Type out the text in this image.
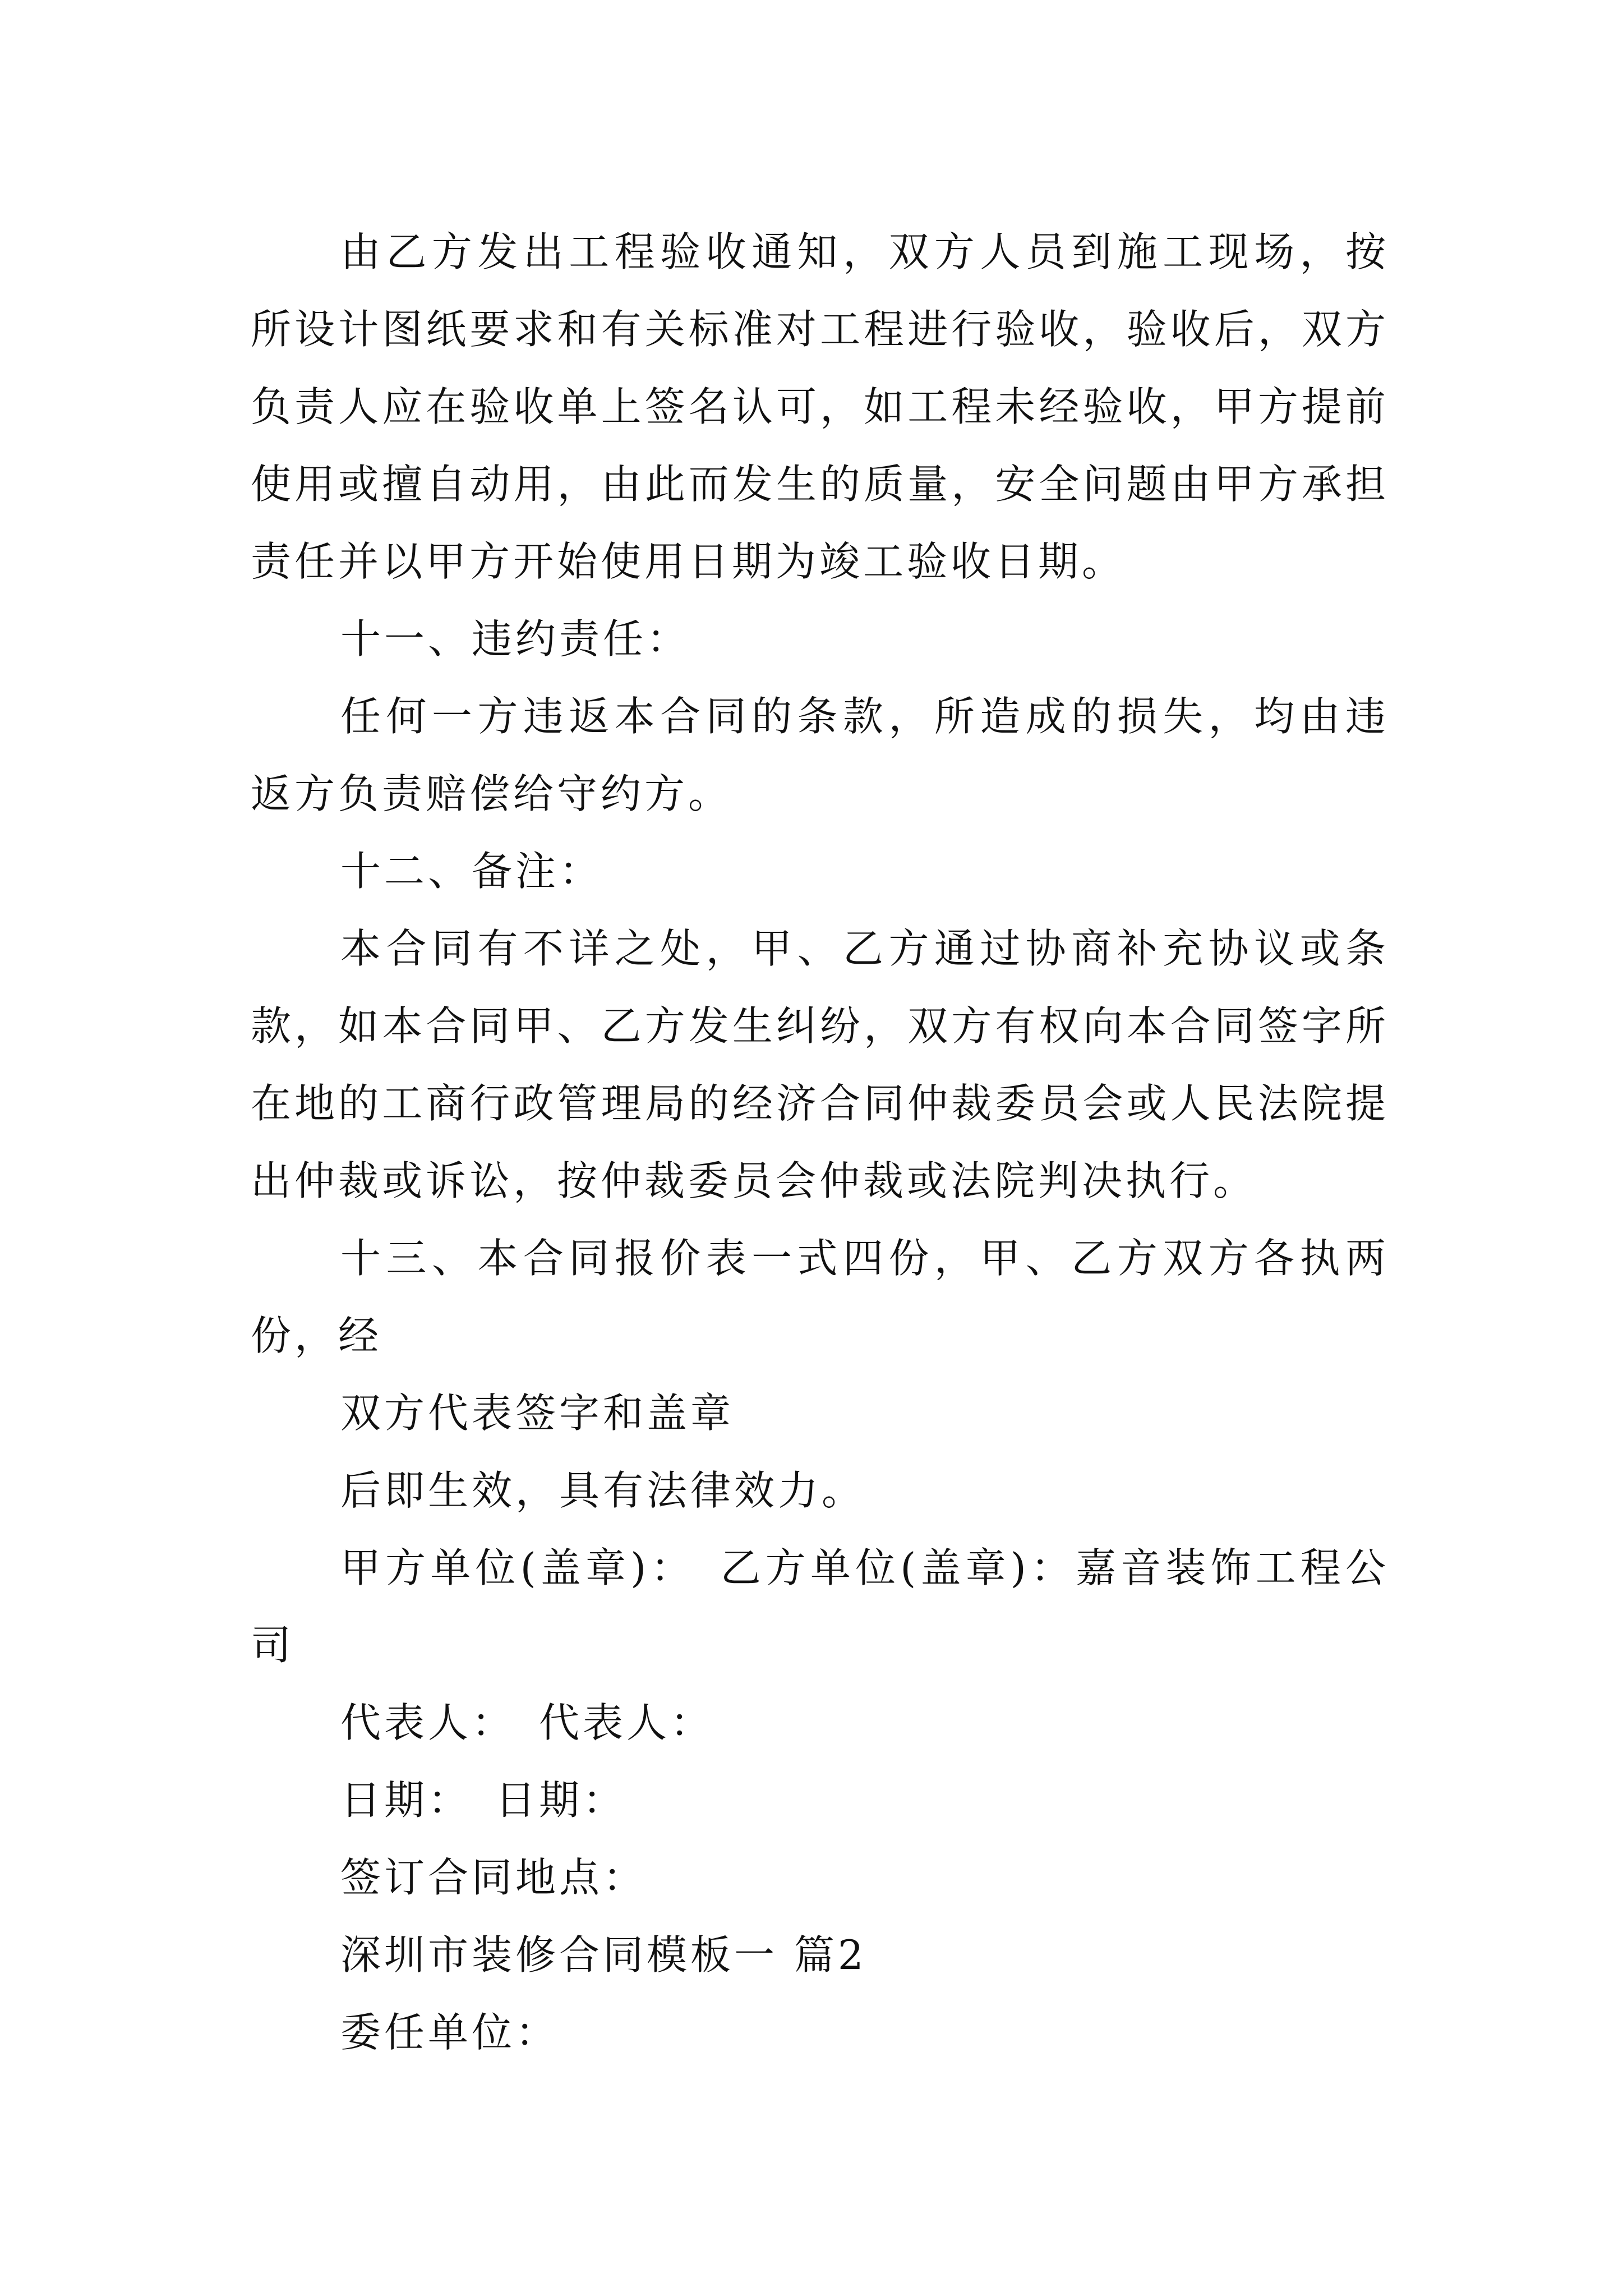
由乙方发出工程验收通知，双方人员到施工现场，按所设计图纸要求和有关标准对工程进行验收，验收后，双方负责人应在验收单上签名认可，如工程未经验收，甲方提前使用或擅自动用，由此而发生的质量，安全问题由甲方承担责任并以甲方开始使用日期为竣工验收日期。

十一、违约责任：

任何一方违返本合同的条款，所造成的损失，均由违返方负责赔偿给守约方。

十二、备注：

本合同有不详之处，甲、乙方通过协商补充协议或条款，如本合同甲、乙方发生纠纷，双方有权向本合同签字所在地的工商行政管理局的经济合同仲裁委员会或人民法院提出仲裁或诉讼，按仲裁委员会仲裁或法院判决执行。

十三、本合同报价表一式四份，甲、乙方双方各执两份，经

双方代表签字和盖章

后即生效，具有法律效力。

甲方单位(盖章)：　乙方单位(盖章)：嘉音装饰工程公司

代表人：　代表人：

日期：　日期：

签订合同地点：

深圳市装修合同模板一 篇2

委任单位：
